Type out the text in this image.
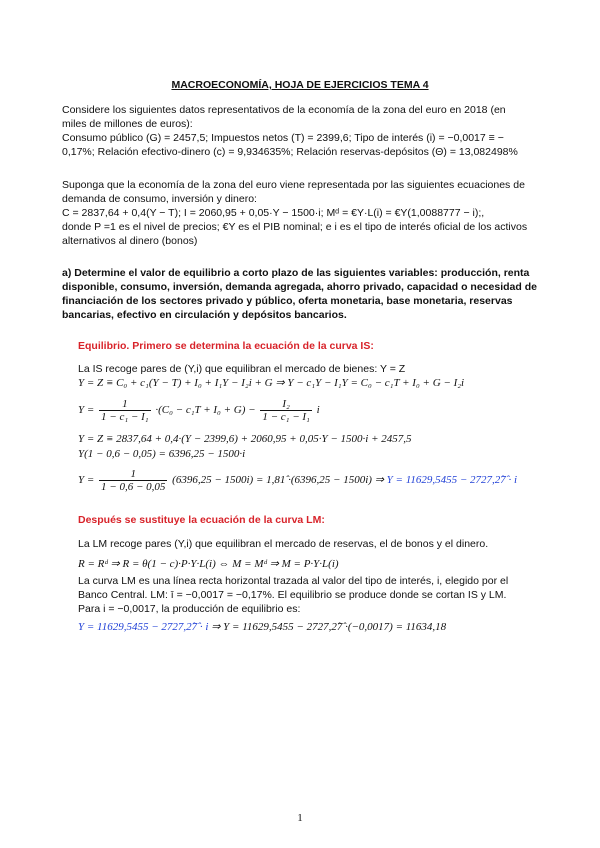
MACROECONOMÍA, HOJA DE EJERCICIOS TEMA 4
Considere los siguientes datos representativos de la economía de la zona del euro en 2018 (en
miles de millones de euros):
Consumo público (G) = 2457,5; Impuestos netos (T) = 2399,6; Tipo de interés (i) = −0,0017 ≡ −
0,17%; Relación efectivo-dinero (c) = 9,934635%; Relación reservas-depósitos (Θ) = 13,082498%
Suponga que la economía de la zona del euro viene representada por las siguientes ecuaciones de
demanda de consumo, inversión y dinero:
C = 2837,64 + 0,4(Y − T); I = 2060,95 + 0,05·Y − 1500·i; Mᵈ = €Y·L(i) = €Y(1,0088777 − i);,
donde P =1 es el nivel de precios; €Y es el PIB nominal; e i es el tipo de interés oficial de los activos
alternativos al dinero (bonos)
a) Determine el valor de equilibrio a corto plazo de las siguientes variables: producción, renta
disponible, consumo, inversión, demanda agregada, ahorro privado, capacidad o necesidad de
financiación de los sectores privado y público, oferta monetaria, base monetaria, reservas
bancarias, efectivo en circulación y depósitos bancarios.
Equilibrio. Primero se determina la ecuación de la curva IS:
La IS recoge pares de (Y,i) que equilibran el mercado de bienes: Y = Z
Y = Z ≡ C₀ + c₁(Y − T) + I₀ + I₁Y − I₂i + G ⇒ Y − c₁Y − I₁Y = C₀ − c₁T + I₀ + G − I₂i
$Y = \frac{1}{\text{1 − c₁ − I₁}} \cdot(C_0 - c_1T + I_0 + G) - \frac{\text{I₂}}{\text{1 − c₁ − I₁}}$ i
Y = Z ≡ 2837,64 + 0,4·(Y − 2399,6) + 2060,95 + 0,05·Y − 1500·i + 2457,5
Y(1 − 0,6 − 0,05) = 6396,25 − 1500·i
$Y = \frac{1}{1 - 0,6 - 0,05} (6396,25 - 1500i)$ = 1,81̂ ·(6396,25 − 1500i) ⇒ Y = 11629,5455 − 2727,2̂7̂ · i
Después se sustituye la ecuación de la curva LM:
La LM recoge pares (Y,i) que equilibran el mercado de reservas, el de bonos y el dinero.
R = Rᵈ ⇒ R = θ(1 − c)·P·Y·L(i) ⇔ M = Mᵈ ⇒ M = P·Y·L(i)
La curva LM es una línea recta horizontal trazada al valor del tipo de interés, i, elegido por el
Banco Central. LM: ī = −0,0017 = −0,17%. El equilibrio se produce donde se cortan IS y LM.
Para i = −0,0017, la producción de equilibrio es:
Y = 11629,5455 − 2727,2̂7̂ · i ⇒ Y = 11629,5455 − 2727,2̂7̂ ·(−0,0017) = 11634,18
1
